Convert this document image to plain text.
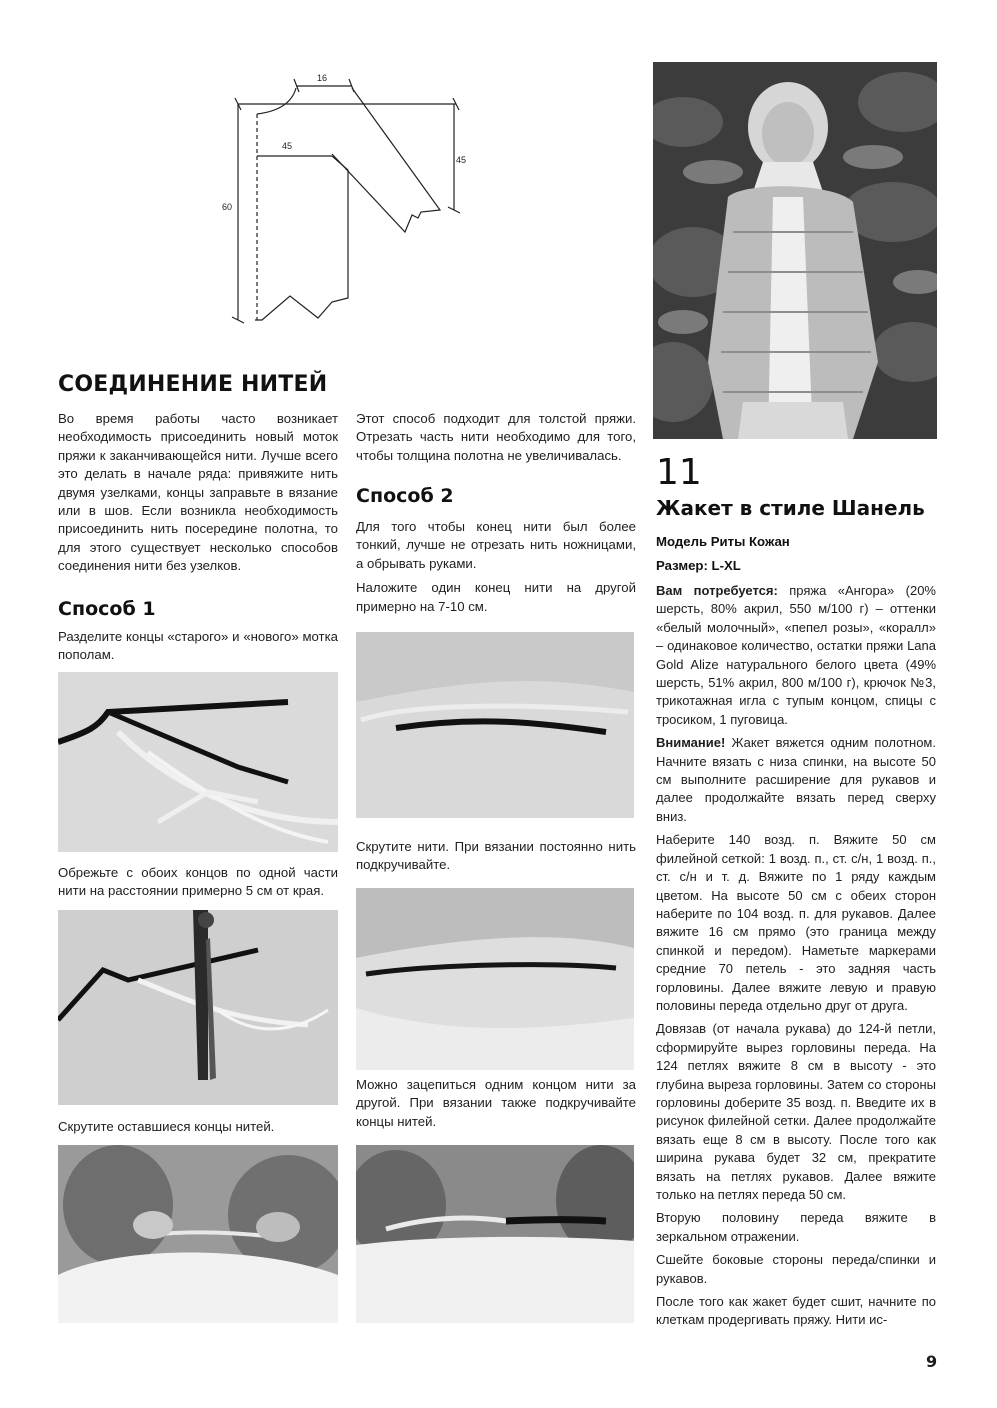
16
45
45
60
СОЕДИНЕНИЕ НИТЕЙ

Во время работы часто возникает необходимость присоединить новый моток пряжи к заканчивающейся нити. Лучше всего это делать в начале ряда: привяжите нить двумя узелками, концы заправьте в вязание или в шов. Если возникла необходимость присоединить нить посередине полотна, то для этого существует несколько способов соединения нити без узелков.

Способ 1

Разделите концы «старого» и «нового» мотка пополам.

Обрежьте с обоих концов по одной части нити на расстоянии примерно 5 см от края.

Скрутите оставшиеся концы нитей.

Этот способ подходит для толстой пряжи. Отрезать часть нити необходимо для того, чтобы толщина полотна не увеличивалась.

Способ 2

Для того чтобы конец нити был более тонкий, лучше не отрезать нить ножницами, а обрывать руками.

Наложите один конец нити на другой примерно на 7-10 см.

Скрутите нити. При вязании постоянно нить подкручивайте.

Можно зацепиться одним концом нити за другой. При вязании также подкручивайте концы нитей.

11
Жакет в стиле Шанель
Модель Риты Кожан
Размер: L-XL

Вам потребуется: пряжа «Ангора» (20% шерсть, 80% акрил, 550 м/100 г) – оттенки «белый молочный», «пепел розы», «коралл» – одинаковое количество, остатки пряжи Lana Gold Alize натурального белого цвета (49% шерсть, 51% акрил, 800 м/100 г), крючок №3, трикотажная игла с тупым концом, спицы с тросиком, 1 пуговица.

Внимание! Жакет вяжется одним полотном. Начните вязать с низа спинки, на высоте 50 см выполните расширение для рукавов и далее продолжайте вязать перед сверху вниз.

Наберите 140 возд. п. Вяжите 50 см филейной сеткой: 1 возд. п., ст. с/н, 1 возд. п., ст. с/н и т. д. Вяжите по 1 ряду каждым цветом. На высоте 50 см с обеих сторон наберите по 104 возд. п. для рукавов. Далее вяжите 16 см прямо (это граница между спинкой и передом). Наметьте маркерами средние 70 петель - это задняя часть горловины. Далее вяжите левую и правую половины переда отдельно друг от друга.

Довязав (от начала рукава) до 124-й петли, сформируйте вырез горловины переда. На 124 петлях вяжите 8 см в высоту - это глубина выреза горловины. Затем со стороны горловины доберите 35 возд. п. Введите их в рисунок филейной сетки. Далее продолжайте вязать еще 8 см в высоту. После того как ширина рукава будет 32 см, прекратите вязать на петлях рукавов. Далее вяжите только на петлях переда 50 см.

Вторую половину переда вяжите в зеркальном отражении.

Сшейте боковые стороны переда/спинки и рукавов.

После того как жакет будет сшит, начните по клеткам продергивать пряжу. Нити ис-

9
